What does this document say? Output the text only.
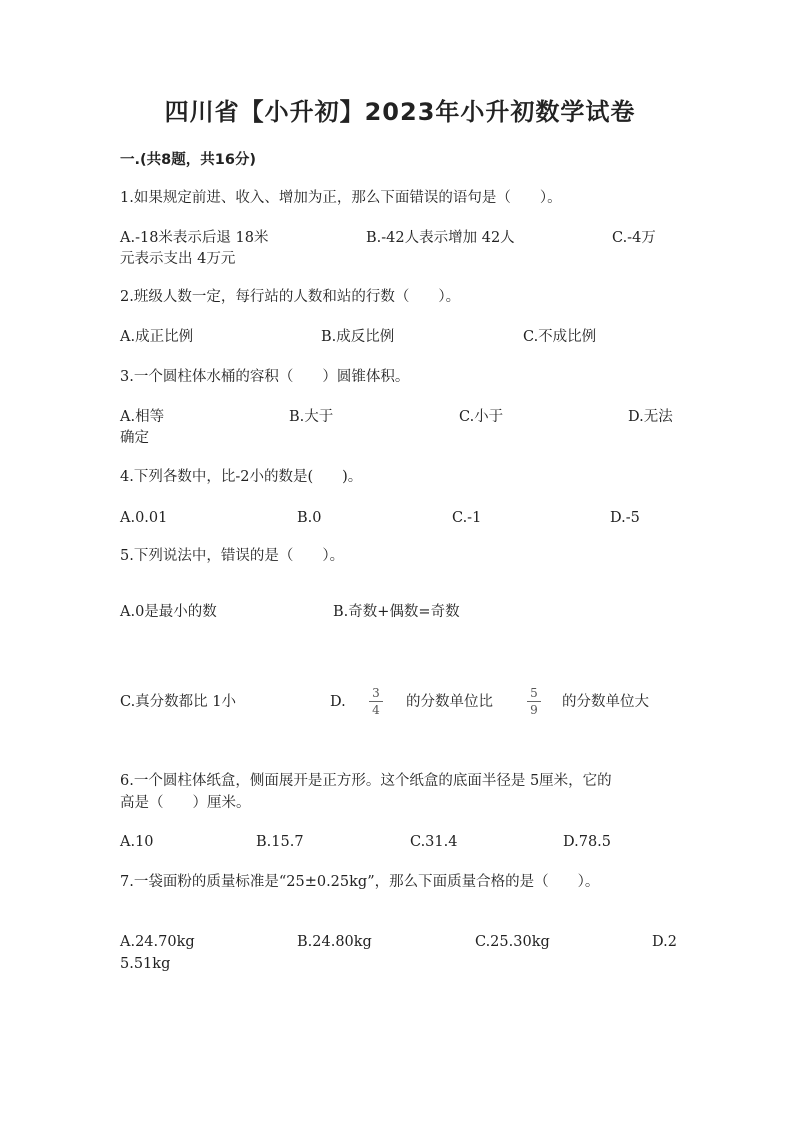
四川省【小升初】2023年小升初数学试卷
一.(共8题，共16分)
1.如果规定前进、收入、增加为正，那么下面错误的语句是（　　）。
A.-18米表示后退 18米	B.-42人表示增加 42人	C.-4万
元表示支出 4万元
2.班级人数一定，每行站的人数和站的行数（　　）。
A.成正比例	B.成反比例	C.不成比例
3.一个圆柱体水桶的容积（　　）圆锥体积。
A.相等	B.大于	C.小于	D.无法
确定
4.下列各数中，比-2小的数是(　　)。
A.0.01	B.0	C.-1	D.-5
5.下列说法中，错误的是（　　）。
A.0是最小的数	B.奇数+偶数=奇数
C.真分数都比 1小	D.
3
4 的分数单位比
5
9 的分数单位大
6.一个圆柱体纸盒，侧面展开是正方形。这个纸盒的底面半径是 5厘米，它的
高是（　　）厘米。
A.10	B.15.7	C.31.4	D.78.5
7.一袋面粉的质量标准是“25±0.25kg”，那么下面质量合格的是（　　）。
A.24.70kg	B.24.80kg	C.25.30kg	D.2
5.51kg
